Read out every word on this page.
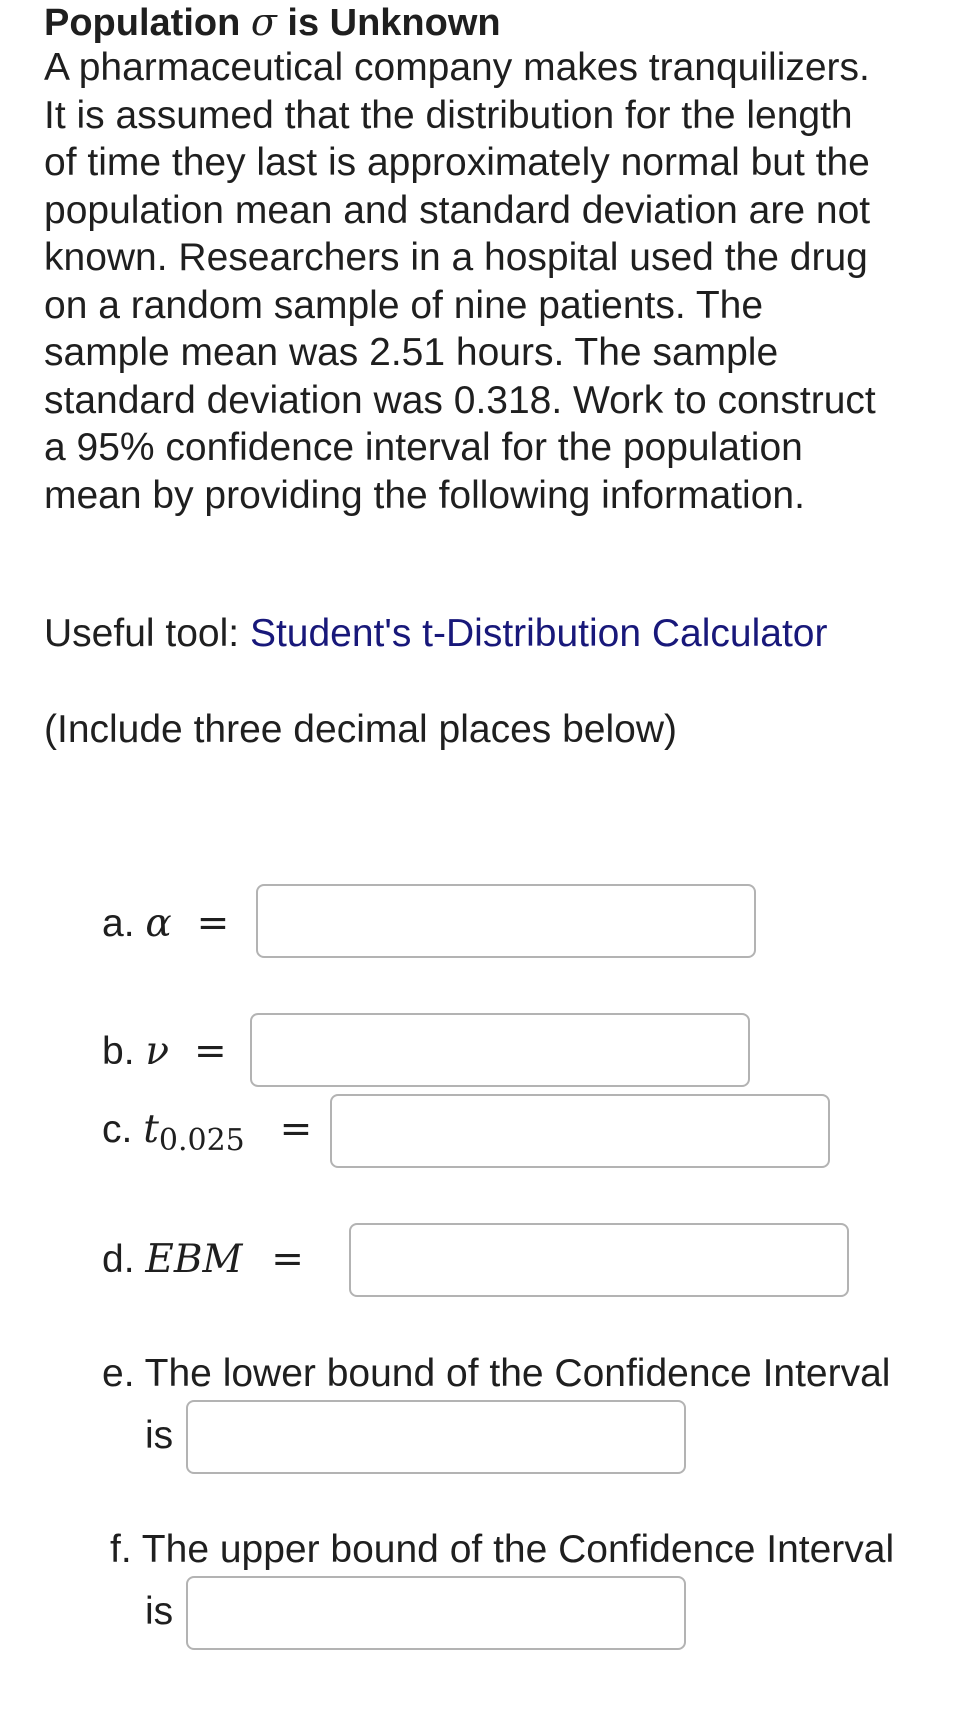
Population σ is Unknown
A pharmaceutical company makes tranquilizers.
It is assumed that the distribution for the length
of time they last is approximately normal but the
population mean and standard deviation are not
known. Researchers in a hospital used the drug
on a random sample of nine patients. The
sample mean was 2.51 hours. The sample
standard deviation was 0.318. Work to construct
a 95% confidence interval for the population
mean by providing the following information.
Useful tool: Student's t-Distribution Calculator
(Include three decimal places below)
a. α =
b. ν =
c. $t_{0.025}$ =
d. EBM =
e. The lower bound of the Confidence Interval
is
f. The upper bound of the Confidence Interval
is
